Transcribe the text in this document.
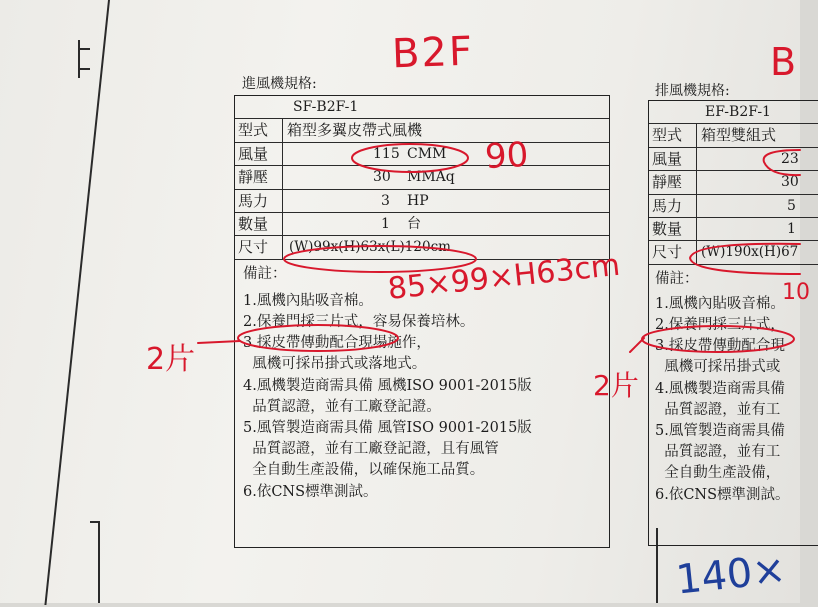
進風機規格:
SF-B2F-1
型式	箱型多翼皮帶式風機
風量	115 CMM
靜壓	30 MMAq
馬力	3 HP
數量	1 台
尺寸	(W)99x(H)63x(L)120cm
備註：
1.風機內貼吸音棉。
2.保養門採三片式，容易保養培林。
3.採皮帶傳動配合現場施作，
風機可採吊掛式或落地式。
4.風機製造商需具備 風機ISO 9001-2015版
品質認證，並有工廠登記證。
5.風管製造商需具備 風管ISO 9001-2015版
品質認證，並有工廠登記證，且有風管
全自動生產設備，以確保施工品質。
6.依CNS標準測試。
排風機規格:
EF-B2F-1
型式	箱型雙組式
風量	23
靜壓	30
馬力	5
數量	1
尺寸	(W)190x(H)67
備註：
1.風機內貼吸音棉。
2.保養門採三片式，
3.採皮帶傳動配合現
風機可採吊掛式或
4.風機製造商需具備
品質認證，並有工
5.風管製造商需具備
品質認證，並有工
全自動生產設備，
6.依CNS標準測試。
B2F	B
90
85×99×H63cm
2片
2片
10
140×
